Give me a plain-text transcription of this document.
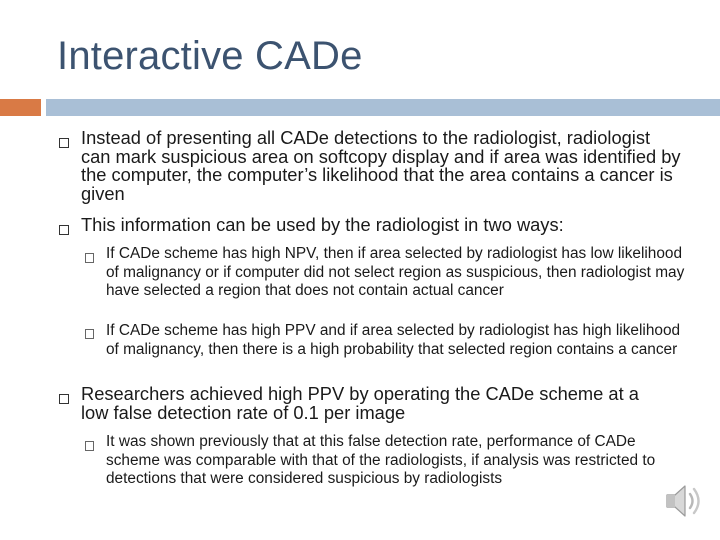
Interactive CADe
Instead of presenting all CADe detections to the radiologist, radiologist can mark suspicious area on softcopy display and if area was identified by the computer, the computer’s likelihood that the area contains a cancer is given
This information can be used by the radiologist in two ways:
If CADe scheme has high NPV, then if area selected by radiologist has low likelihood of malignancy or if computer did not select region as suspicious, then radiologist may have selected a region that does not contain actual cancer
If CADe scheme has high PPV and if area selected by radiologist has high likelihood of malignancy, then there is a high probability that selected region contains a cancer
Researchers achieved high PPV by operating the CADe scheme at a low false detection rate of 0.1 per image
It was shown previously that at this false detection rate, performance of CADe scheme was comparable with that of the radiologists, if analysis was restricted to detections that were considered suspicious by radiologists
